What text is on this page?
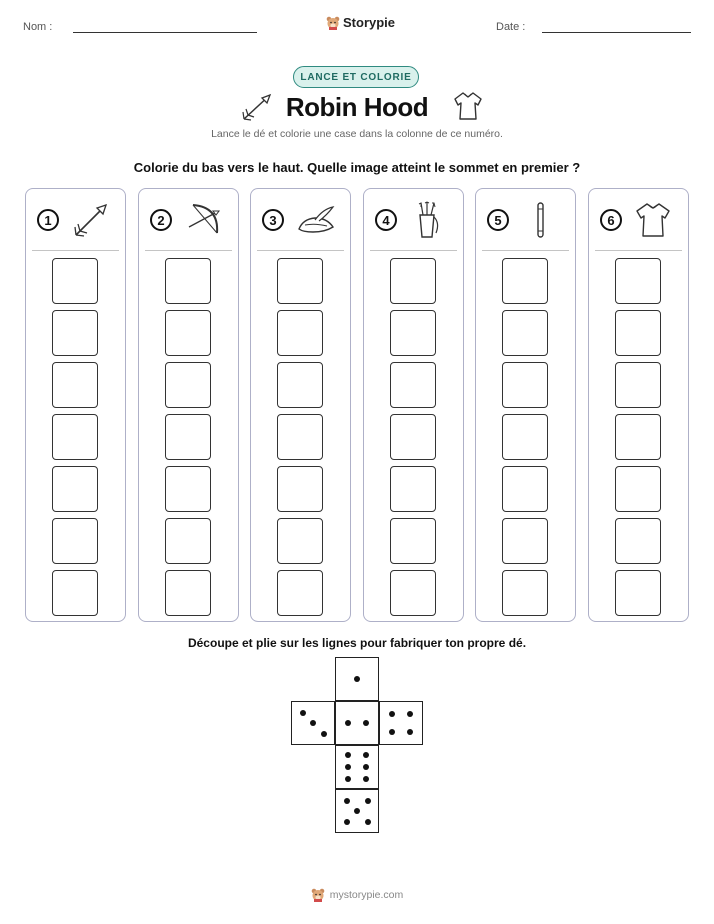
Nom :	Storypie	Date :
LANCE ET COLORIE
Robin Hood
Lance le dé et colorie une case dans la colonne de ce numéro.
Colorie du bas vers le haut. Quelle image atteint le sommet en premier ?
1	2	3	4	5	6
Découpe et plie sur les lignes pour fabriquer ton propre dé.
mystorypie.com
